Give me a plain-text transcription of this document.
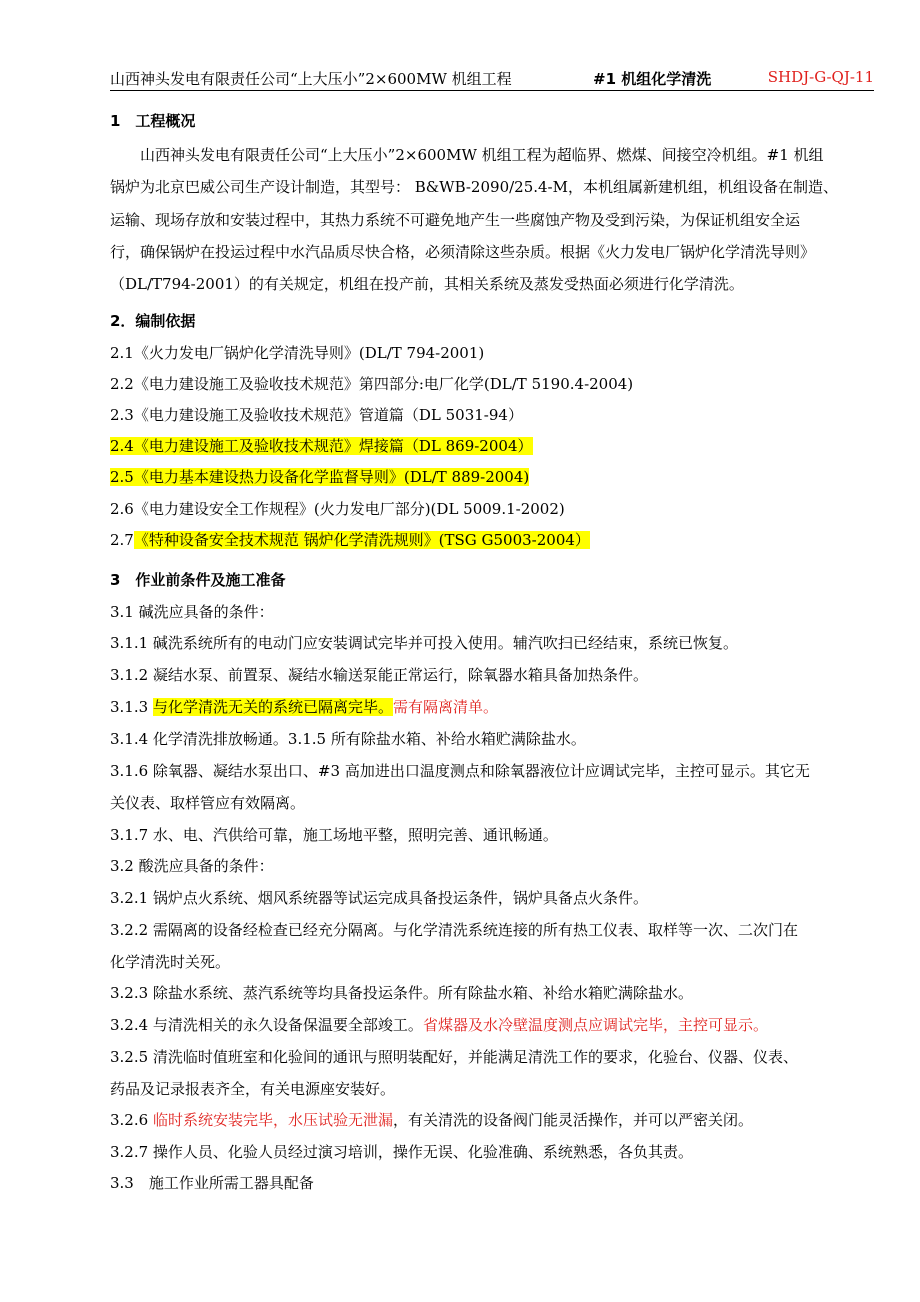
山西神头发电有限责任公司“上大压小”2×600MW 机组工程	#1 机组化学清洗	SHDJ-G-QJ-11
1　工程概况
　　山西神头发电有限责任公司“上大压小”2×600MW 机组工程为超临界、燃煤、间接空冷机组。#1 机组
锅炉为北京巴威公司生产设计制造，其型号： B&WB-2090/25.4-M，本机组属新建机组，机组设备在制造、
运输、现场存放和安装过程中，其热力系统不可避免地产生一些腐蚀产物及受到污染，为保证机组安全运
行，确保锅炉在投运过程中水汽品质尽快合格，必须清除这些杂质。根据《火力发电厂锅炉化学清洗导则》
（DL/T794-2001）的有关规定，机组在投产前，其相关系统及蒸发受热面必须进行化学清洗。
2．编制依据
2.1《火力发电厂锅炉化学清洗导则》(DL/T 794-2001)
2.2《电力建设施工及验收技术规范》第四部分:电厂化学(DL/T 5190.4-2004)
2.3《电力建设施工及验收技术规范》管道篇（DL 5031-94）
2.4《电力建设施工及验收技术规范》焊接篇（DL 869-2004）
2.5《电力基本建设热力设备化学监督导则》(DL/T 889-2004)
2.6《电力建设安全工作规程》(火力发电厂部分)(DL 5009.1-2002)
2.7《特种设备安全技术规范 锅炉化学清洗规则》(TSG G5003-2004）
3　作业前条件及施工准备
3.1 碱洗应具备的条件：
3.1.1 碱洗系统所有的电动门应安装调试完毕并可投入使用。辅汽吹扫已经结束，系统已恢复。
3.1.2 凝结水泵、前置泵、凝结水输送泵能正常运行，除氧器水箱具备加热条件。
3.1.3 与化学清洗无关的系统已隔离完毕。需有隔离清单。
3.1.4 化学清洗排放畅通。3.1.5 所有除盐水箱、补给水箱贮满除盐水。
3.1.6 除氧器、凝结水泵出口、#3 高加进出口温度测点和除氧器液位计应调试完毕，主控可显示。其它无
关仪表、取样管应有效隔离。
3.1.7 水、电、汽供给可靠，施工场地平整，照明完善、通讯畅通。
3.2 酸洗应具备的条件：
3.2.1 锅炉点火系统、烟风系统器等试运完成具备投运条件，锅炉具备点火条件。
3.2.2 需隔离的设备经检查已经充分隔离。与化学清洗系统连接的所有热工仪表、取样等一次、二次门在
化学清洗时关死。
3.2.3 除盐水系统、蒸汽系统等均具备投运条件。所有除盐水箱、补给水箱贮满除盐水。
3.2.4 与清洗相关的永久设备保温要全部竣工。省煤器及水冷壁温度测点应调试完毕，主控可显示。
3.2.5 清洗临时值班室和化验间的通讯与照明装配好，并能满足清洗工作的要求，化验台、仪器、仪表、
药品及记录报表齐全，有关电源座安装好。
3.2.6 临时系统安装完毕，水压试验无泄漏，有关清洗的设备阀门能灵活操作，并可以严密关闭。
3.2.7 操作人员、化验人员经过演习培训，操作无误、化验准确、系统熟悉，各负其责。
3.3　施工作业所需工器具配备
